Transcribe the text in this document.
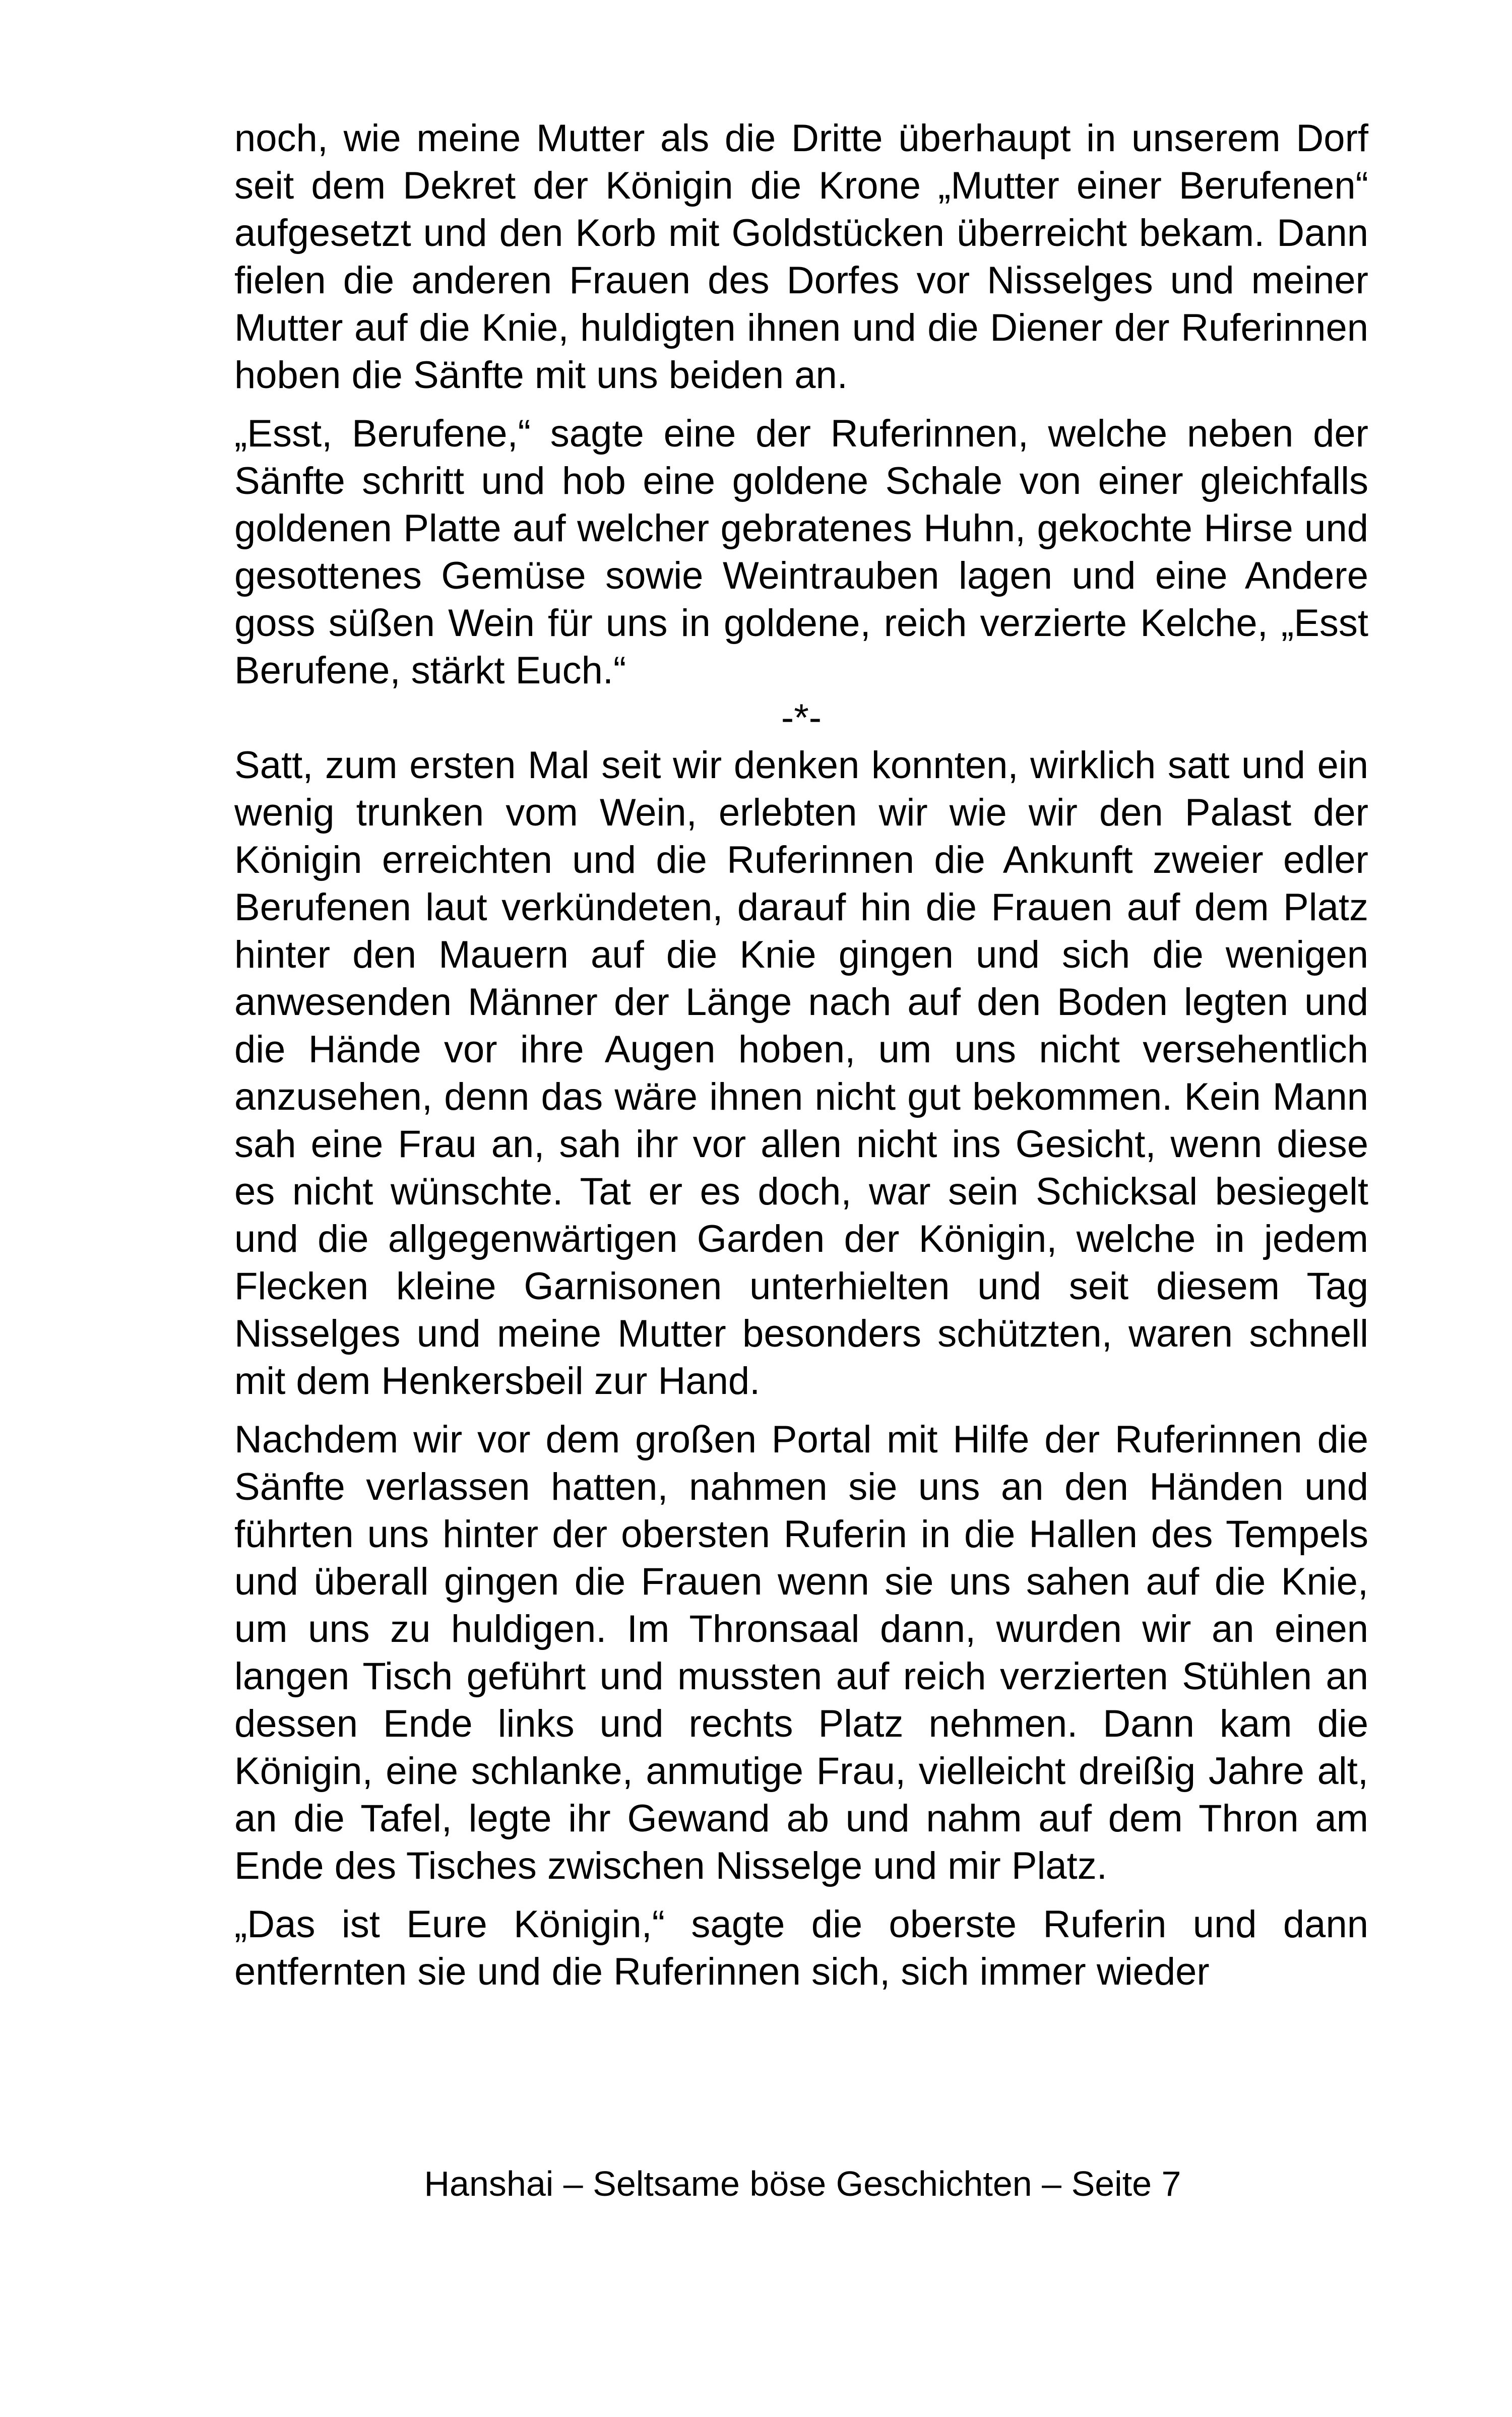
noch, wie meine Mutter als die Dritte überhaupt in unserem Dorf seit dem Dekret der Königin die Krone „Mutter einer Berufenen“ aufgesetzt und den Korb mit Goldstücken überreicht bekam. Dann fielen die anderen Frauen des Dorfes vor Nisselges und meiner Mutter auf die Knie, huldigten ihnen und die Diener der Ruferinnen hoben die Sänfte mit uns beiden an.

„Esst, Berufene,“ sagte eine der Ruferinnen, welche neben der Sänfte schritt und hob eine goldene Schale von einer gleichfalls goldenen Platte auf welcher gebratenes Huhn, gekochte Hirse und gesottenes Gemüse sowie Weintrauben lagen und eine Andere goss süßen Wein für uns in goldene, reich verzierte Kelche, „Esst Berufene, stärkt Euch.“

-*-

Satt, zum ersten Mal seit wir denken konnten, wirklich satt und ein wenig trunken vom Wein, erlebten wir wie wir den Palast der Königin erreichten und die Ruferinnen die Ankunft zweier edler Berufenen laut verkündeten, darauf hin die Frauen auf dem Platz hinter den Mauern auf die Knie gingen und sich die wenigen anwesenden Männer der Länge nach auf den Boden legten und die Hände vor ihre Augen hoben, um uns nicht versehentlich anzusehen, denn das wäre ihnen nicht gut bekommen. Kein Mann sah eine Frau an, sah ihr vor allen nicht ins Gesicht, wenn diese es nicht wünschte. Tat er es doch, war sein Schicksal besiegelt und die allgegenwärtigen Garden der Königin, welche in jedem Flecken kleine Garnisonen unterhielten und seit diesem Tag Nisselges und meine Mutter besonders schützten, waren schnell mit dem Henkersbeil zur Hand.

Nachdem wir vor dem großen Portal mit Hilfe der Ruferinnen die Sänfte verlassen hatten, nahmen sie uns an den Händen und führten uns hinter der obersten Ruferin in die Hallen des Tempels und überall gingen die Frauen wenn sie uns sahen auf die Knie, um uns zu huldigen. Im Thronsaal dann, wurden wir an einen langen Tisch geführt und mussten auf reich verzierten Stühlen an dessen Ende links und rechts Platz nehmen. Dann kam die Königin, eine schlanke, anmutige Frau, vielleicht dreißig Jahre alt, an die Tafel, legte ihr Gewand ab und nahm auf dem Thron am Ende des Tisches zwischen Nisselge und mir Platz.

„Das ist Eure Königin,“ sagte die oberste Ruferin und dann entfernten sie und die Ruferinnen sich, sich immer wieder

Hanshai – Seltsame böse Geschichten – Seite 7
